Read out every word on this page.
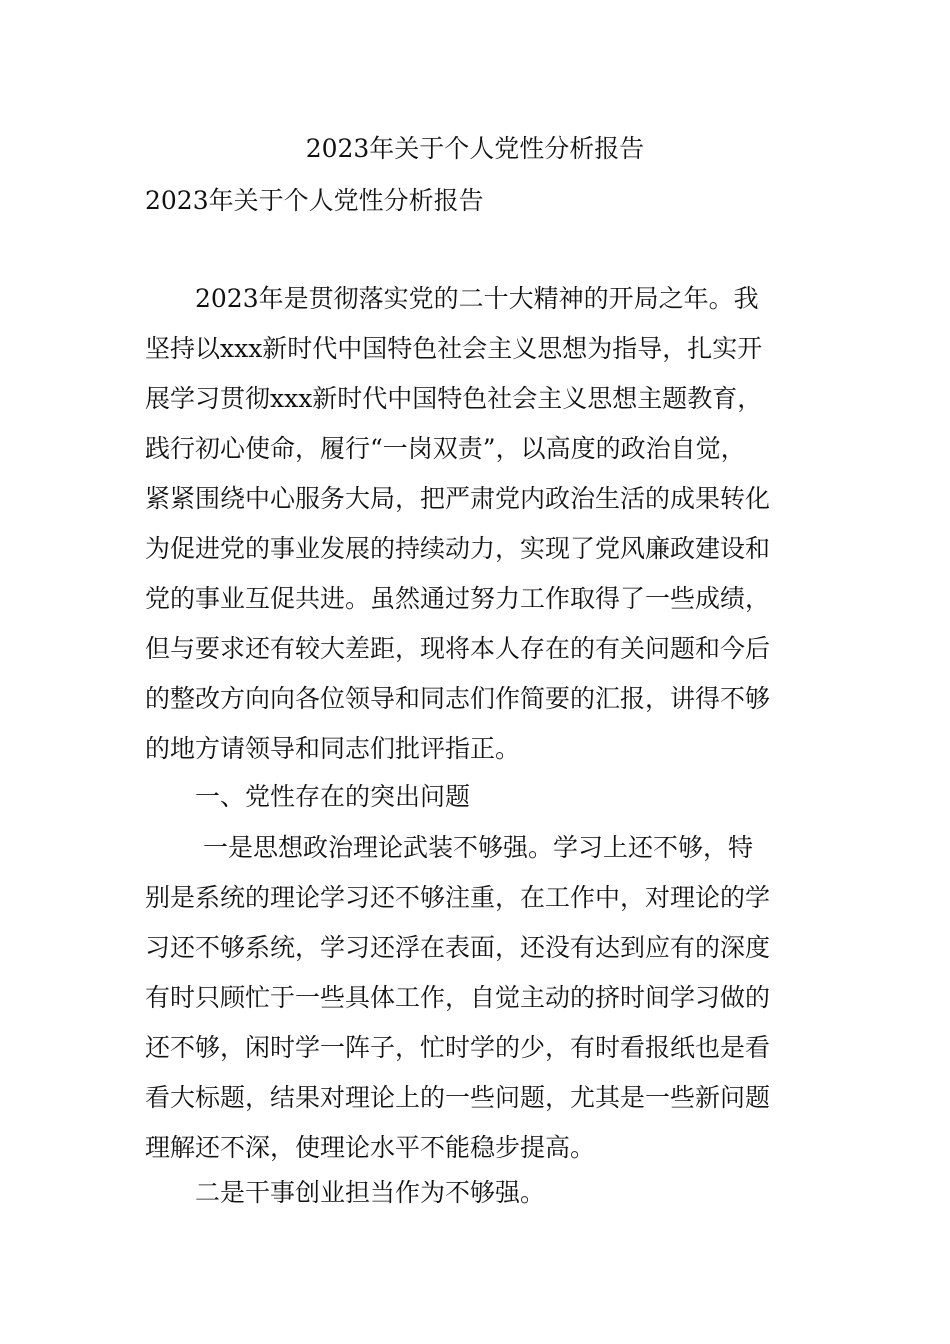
2023年关于个人党性分析报告
2023年关于个人党性分析报告
　　2023年是贯彻落实党的二十大精神的开局之年。我
坚持以xxx新时代中国特色社会主义思想为指导，扎实开
展学习贯彻xxx新时代中国特色社会主义思想主题教育，
践行初心使命，履行“一岗双责”，以高度的政治自觉，
紧紧围绕中心服务大局，把严肃党内政治生活的成果转化
为促进党的事业发展的持续动力，实现了党风廉政建设和
党的事业互促共进。虽然通过努力工作取得了一些成绩，
但与要求还有较大差距，现将本人存在的有关问题和今后
的整改方向向各位领导和同志们作简要的汇报，讲得不够
的地方请领导和同志们批评指正。
　　一、党性存在的突出问题
　　 一是思想政治理论武装不够强。学习上还不够，特
别是系统的理论学习还不够注重，在工作中，对理论的学
习还不够系统，学习还浮在表面，还没有达到应有的深度
有时只顾忙于一些具体工作，自觉主动的挤时间学习做的
还不够，闲时学一阵子，忙时学的少，有时看报纸也是看
看大标题，结果对理论上的一些问题，尤其是一些新问题
理解还不深，使理论水平不能稳步提高。
　　二是干事创业担当作为不够强。
